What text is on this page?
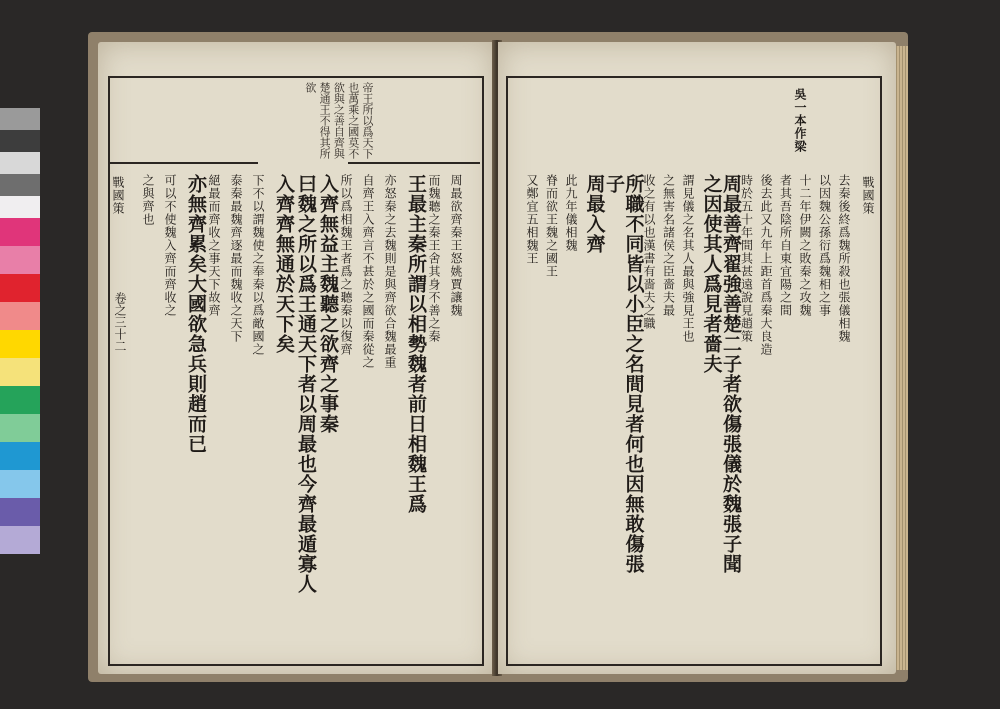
帝王所以爲天下也萬乘之國莫不欲與之善自齊與楚通王不得其所欲
戰國策
卷之三十二
周最欲齊秦王怒姚賈讓魏
而魏聽之秦王舍其身不善之秦
王最主秦所謂以相勢魏者前日相魏王爲
亦怒秦之去魏則是與齊欲合魏最重
自齊王入齊言不甚於之國而秦從之
所以爲相魏王者爲之聽秦以復齊
入齊無益主魏聽之欲齊之事秦
曰魏之所以爲王通天下者以周最也今齊最遁寡人
入齊齊無通於天下矣
下不以謂魏使之奉秦以爲敵國之
泰秦最魏齊逐最而魏收之天下
絕最而齊收之事天下故齊
亦無齊累矣大國欲急兵則趙而已
可以不使魏入齊而齊收之
之與齊也
吳一本作梁
戰國策
去秦後終爲魏所殺也張儀相魏
以因魏公孫衍爲魏相之事
十二年伊闕之敗秦之攻魏
者其吾陰所自東宜陽之間
後去此又九年上距首爲秦大良造
時於五十年間其甚遠說見趙策
周最善齊翟強善楚二子者欲傷張儀於魏張子聞
之因使其人爲見者嗇夫
謂見儀之名其人最與強見王也
之無害名諸侯之臣嗇夫最
收之有以也漢書有嗇夫之職
所職不同皆以小臣之名間見者何也因無敢傷張
子
周最入齊
此九年儀相魏
脊而欲王魏之國王
又鄭宜五相魏王
